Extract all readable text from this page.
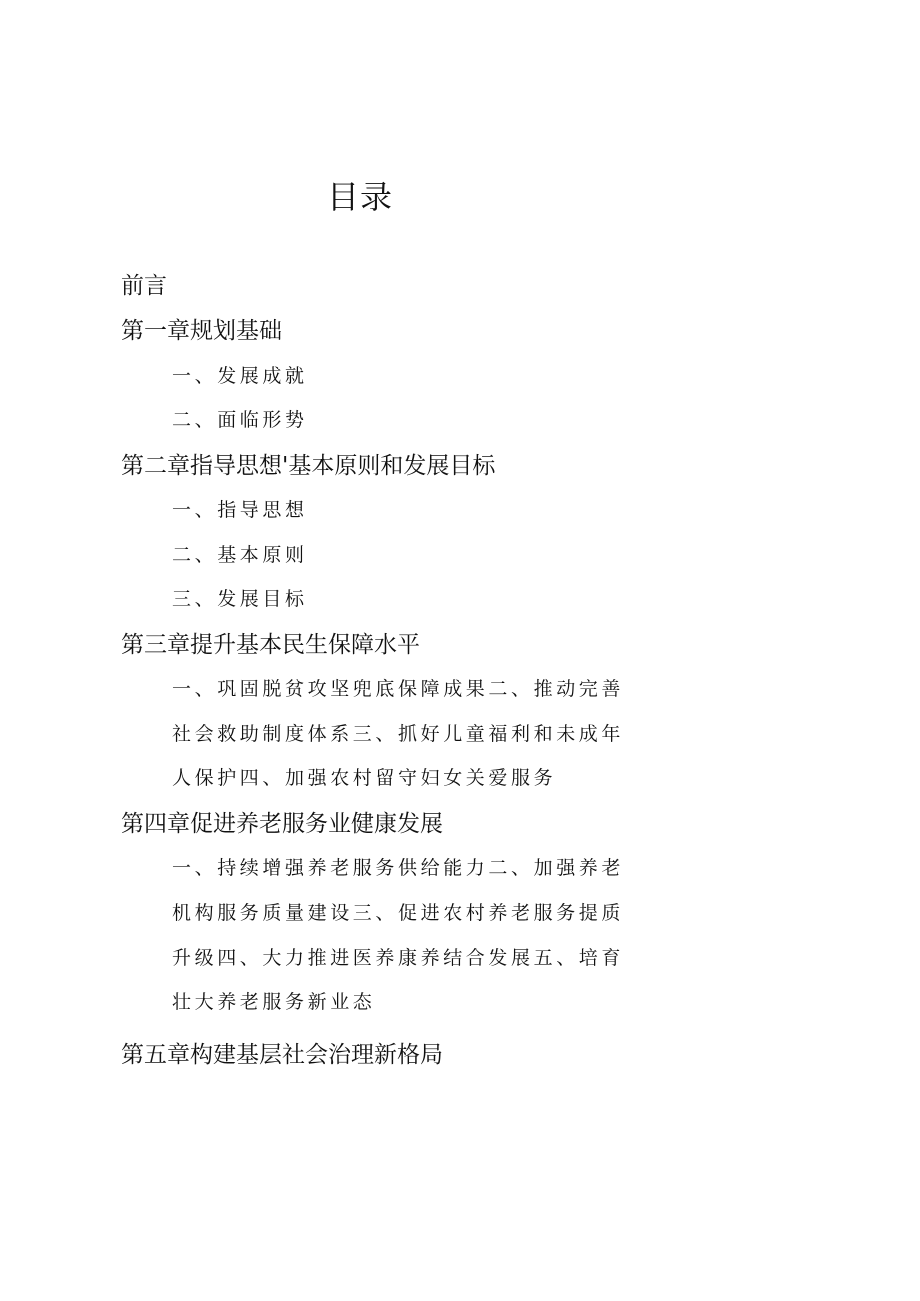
目录
前言
第一章规划基础
一、发展成就
二、面临形势
第二章指导思想'基本原则和发展目标
一、指导思想
二、基本原则
三、发展目标
第三章提升基本民生保障水平
一、巩固脱贫攻坚兜底保障成果二、推动完善
社会救助制度体系三、抓好儿童福利和未成年
人保护四、加强农村留守妇女关爱服务
第四章促进养老服务业健康发展
一、持续增强养老服务供给能力二、加强养老
机构服务质量建设三、促进农村养老服务提质
升级四、大力推进医养康养结合发展五、培育
壮大养老服务新业态
第五章构建基层社会治理新格局
